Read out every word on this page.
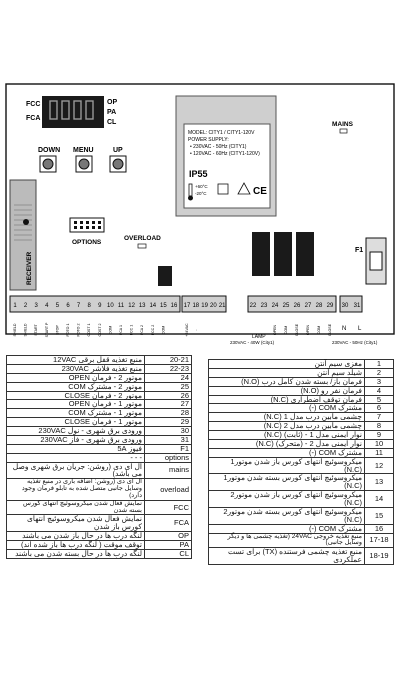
FCC
FCA
OP
PA
CL
DOWN MENU	UP
MODEL: CITY1 / CITY1-120V
POWER SUPPLY:
• 230VAC - 50Hz (CITY1)
• 120VAC - 60Hz (CITY1-120V)
IP55
+60°C
-20°C	CE
MAINS
RECEIVER
OPTIONS
OVERLOAD
F1
1 2 3 4 5 6 7 8 9 10 11 12 13 14 15 16 17 18 19 20 21	22 23 24 25 26 27 28 29 30 31
SHIELD SHIELD START START P STOP FOTO 1 FOTO 2 COST 1 COST 2 COM FCA 1 FCC 1 FCA 2 FCC 2 COM	+24VAC -	OPEN COM CLOSE OPEN COM CLOSE
LAMP
230VAC - 40W (City1)	230VAC - 50Hz (City1)
N L
منبع تغذیه قفل برقی 12VAC	20-21
منبع تغذیه فلاشر 230VAC	22-23
موتور 2 - فرمان OPEN	24
موتور 2 - مشترک COM	25
موتور 2 - فرمان CLOSE	26
موتور 1 - فرمان OPEN	27
موتور 1 - مشترک COM	28
موتور 1 - فرمان CLOSE	29
ورودی برق شهری - نول 230VAC	30
ورودی برق شهری - فاز 230VAC	31
فیوز 5A	F1
- - -	options
ال ای دی (روشن: جریان برق شهری وصل می باشد)	mains
ال ای دی (روشن: اضافه باری در منبع تغذیه وسایل جانبی متصل شده به تابلو فرمان وجود دارد)	overload
نمایش فعال شدن میکروسوئیچ انتهای کورس بسته شدن	FCC
نمایش فعال شدن میکروسوئیچ انتهای کورس باز شدن	FCA
لنگه درب ها در حال باز شدن می باشند	OP
توقف موقت ( لنگه درب ها باز شده اند)	PA
لنگه درب ها در حال بسته شدن می باشند	CL
مغزی سیم آنتن	1
شیلد سیم آنتن	2
فرمان باز/ بسته شدن کامل درب (N.O)	3
فرمان نفر رو (N.O)	4
فرمان توقف اضطراری (N.C)	5
مشترک COM (-)	6
چشمی مابین درب مدل 1 (N.C)	7
چشمی مابین درب مدل 2 (N.C)	8
نوار ایمنی مدل 1 - (ثابت) (N.C)	9
نوار ایمنی مدل 2 - (متحرک) (N.C)	10
مشترک COM (-)	11
میکروسوئیچ انتهای کورس باز شدن موتور1 (N.C)	12
میکروسوئیچ انتهای کورس بسته شدن موتور1 (N.C)	13
میکروسوئیچ انتهای کورس باز شدن موتور2 (N.C)	14
میکروسوئیچ انتهای کورس بسته شدن موتور2 (N.C)	15
مشترک COM (-)	16
منبع تغذیه خروجی 24VAC (تغذیه چشمی ها و دیگر وسایل جانبی)	17-18
منبع تغذیه چشمی فرستنده (TX) برای تست عملکردی	18-19
